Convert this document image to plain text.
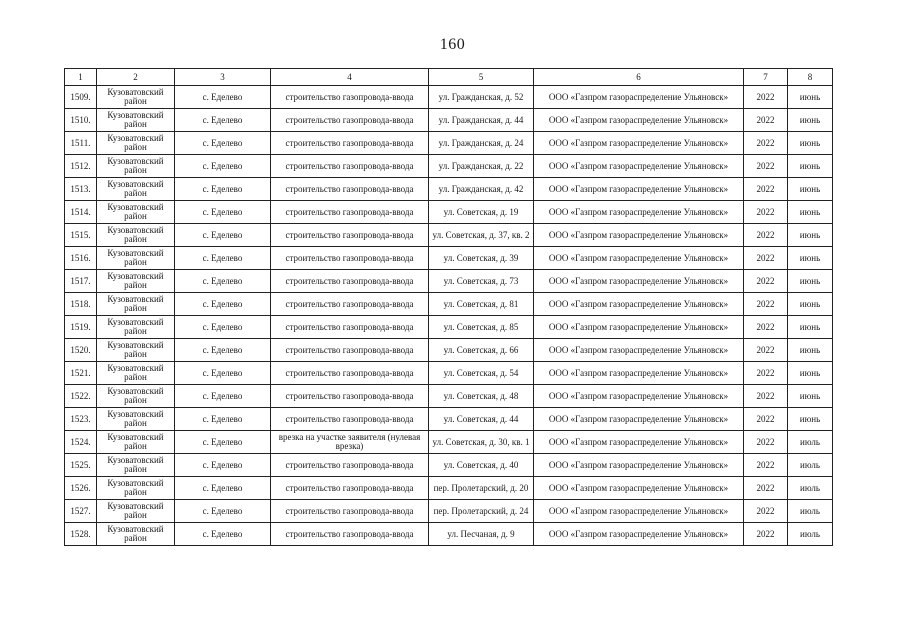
160
1	2	3	4	5	6	7	8
1509.	Кузоватовский район	с. Еделево	строительство газопровода-ввода	ул. Гражданская, д. 52	ООО «Газпром газораспределение Ульяновск»	2022	июнь
1510.	Кузоватовский район	с. Еделево	строительство газопровода-ввода	ул. Гражданская, д. 44	ООО «Газпром газораспределение Ульяновск»	2022	июнь
1511.	Кузоватовский район	с. Еделево	строительство газопровода-ввода	ул. Гражданская, д. 24	ООО «Газпром газораспределение Ульяновск»	2022	июнь
1512.	Кузоватовский район	с. Еделево	строительство газопровода-ввода	ул. Гражданская, д. 22	ООО «Газпром газораспределение Ульяновск»	2022	июнь
1513.	Кузоватовский район	с. Еделево	строительство газопровода-ввода	ул. Гражданская, д. 42	ООО «Газпром газораспределение Ульяновск»	2022	июнь
1514.	Кузоватовский район	с. Еделево	строительство газопровода-ввода	ул. Советская, д. 19	ООО «Газпром газораспределение Ульяновск»	2022	июнь
1515.	Кузоватовский район	с. Еделево	строительство газопровода-ввода	ул. Советская, д. 37, кв. 2	ООО «Газпром газораспределение Ульяновск»	2022	июнь
1516.	Кузоватовский район	с. Еделево	строительство газопровода-ввода	ул. Советская, д. 39	ООО «Газпром газораспределение Ульяновск»	2022	июнь
1517.	Кузоватовский район	с. Еделево	строительство газопровода-ввода	ул. Советская, д. 73	ООО «Газпром газораспределение Ульяновск»	2022	июнь
1518.	Кузоватовский район	с. Еделево	строительство газопровода-ввода	ул. Советская, д. 81	ООО «Газпром газораспределение Ульяновск»	2022	июнь
1519.	Кузоватовский район	с. Еделево	строительство газопровода-ввода	ул. Советская, д. 85	ООО «Газпром газораспределение Ульяновск»	2022	июнь
1520.	Кузоватовский район	с. Еделево	строительство газопровода-ввода	ул. Советская, д. 66	ООО «Газпром газораспределение Ульяновск»	2022	июнь
1521.	Кузоватовский район	с. Еделево	строительство газопровода-ввода	ул. Советская, д. 54	ООО «Газпром газораспределение Ульяновск»	2022	июнь
1522.	Кузоватовский район	с. Еделево	строительство газопровода-ввода	ул. Советская, д. 48	ООО «Газпром газораспределение Ульяновск»	2022	июнь
1523.	Кузоватовский район	с. Еделево	строительство газопровода-ввода	ул. Советская, д. 44	ООО «Газпром газораспределение Ульяновск»	2022	июнь
1524.	Кузоватовский район	с. Еделево	врезка на участке заявителя (нулевая врезка)	ул. Советская, д. 30, кв. 1	ООО «Газпром газораспределение Ульяновск»	2022	июль
1525.	Кузоватовский район	с. Еделево	строительство газопровода-ввода	ул. Советская, д. 40	ООО «Газпром газораспределение Ульяновск»	2022	июль
1526.	Кузоватовский район	с. Еделево	строительство газопровода-ввода	пер. Пролетарский, д. 20	ООО «Газпром газораспределение Ульяновск»	2022	июль
1527.	Кузоватовский район	с. Еделево	строительство газопровода-ввода	пер. Пролетарский, д. 24	ООО «Газпром газораспределение Ульяновск»	2022	июль
1528.	Кузоватовский район	с. Еделево	строительство газопровода-ввода	ул. Песчаная, д. 9	ООО «Газпром газораспределение Ульяновск»	2022	июль
